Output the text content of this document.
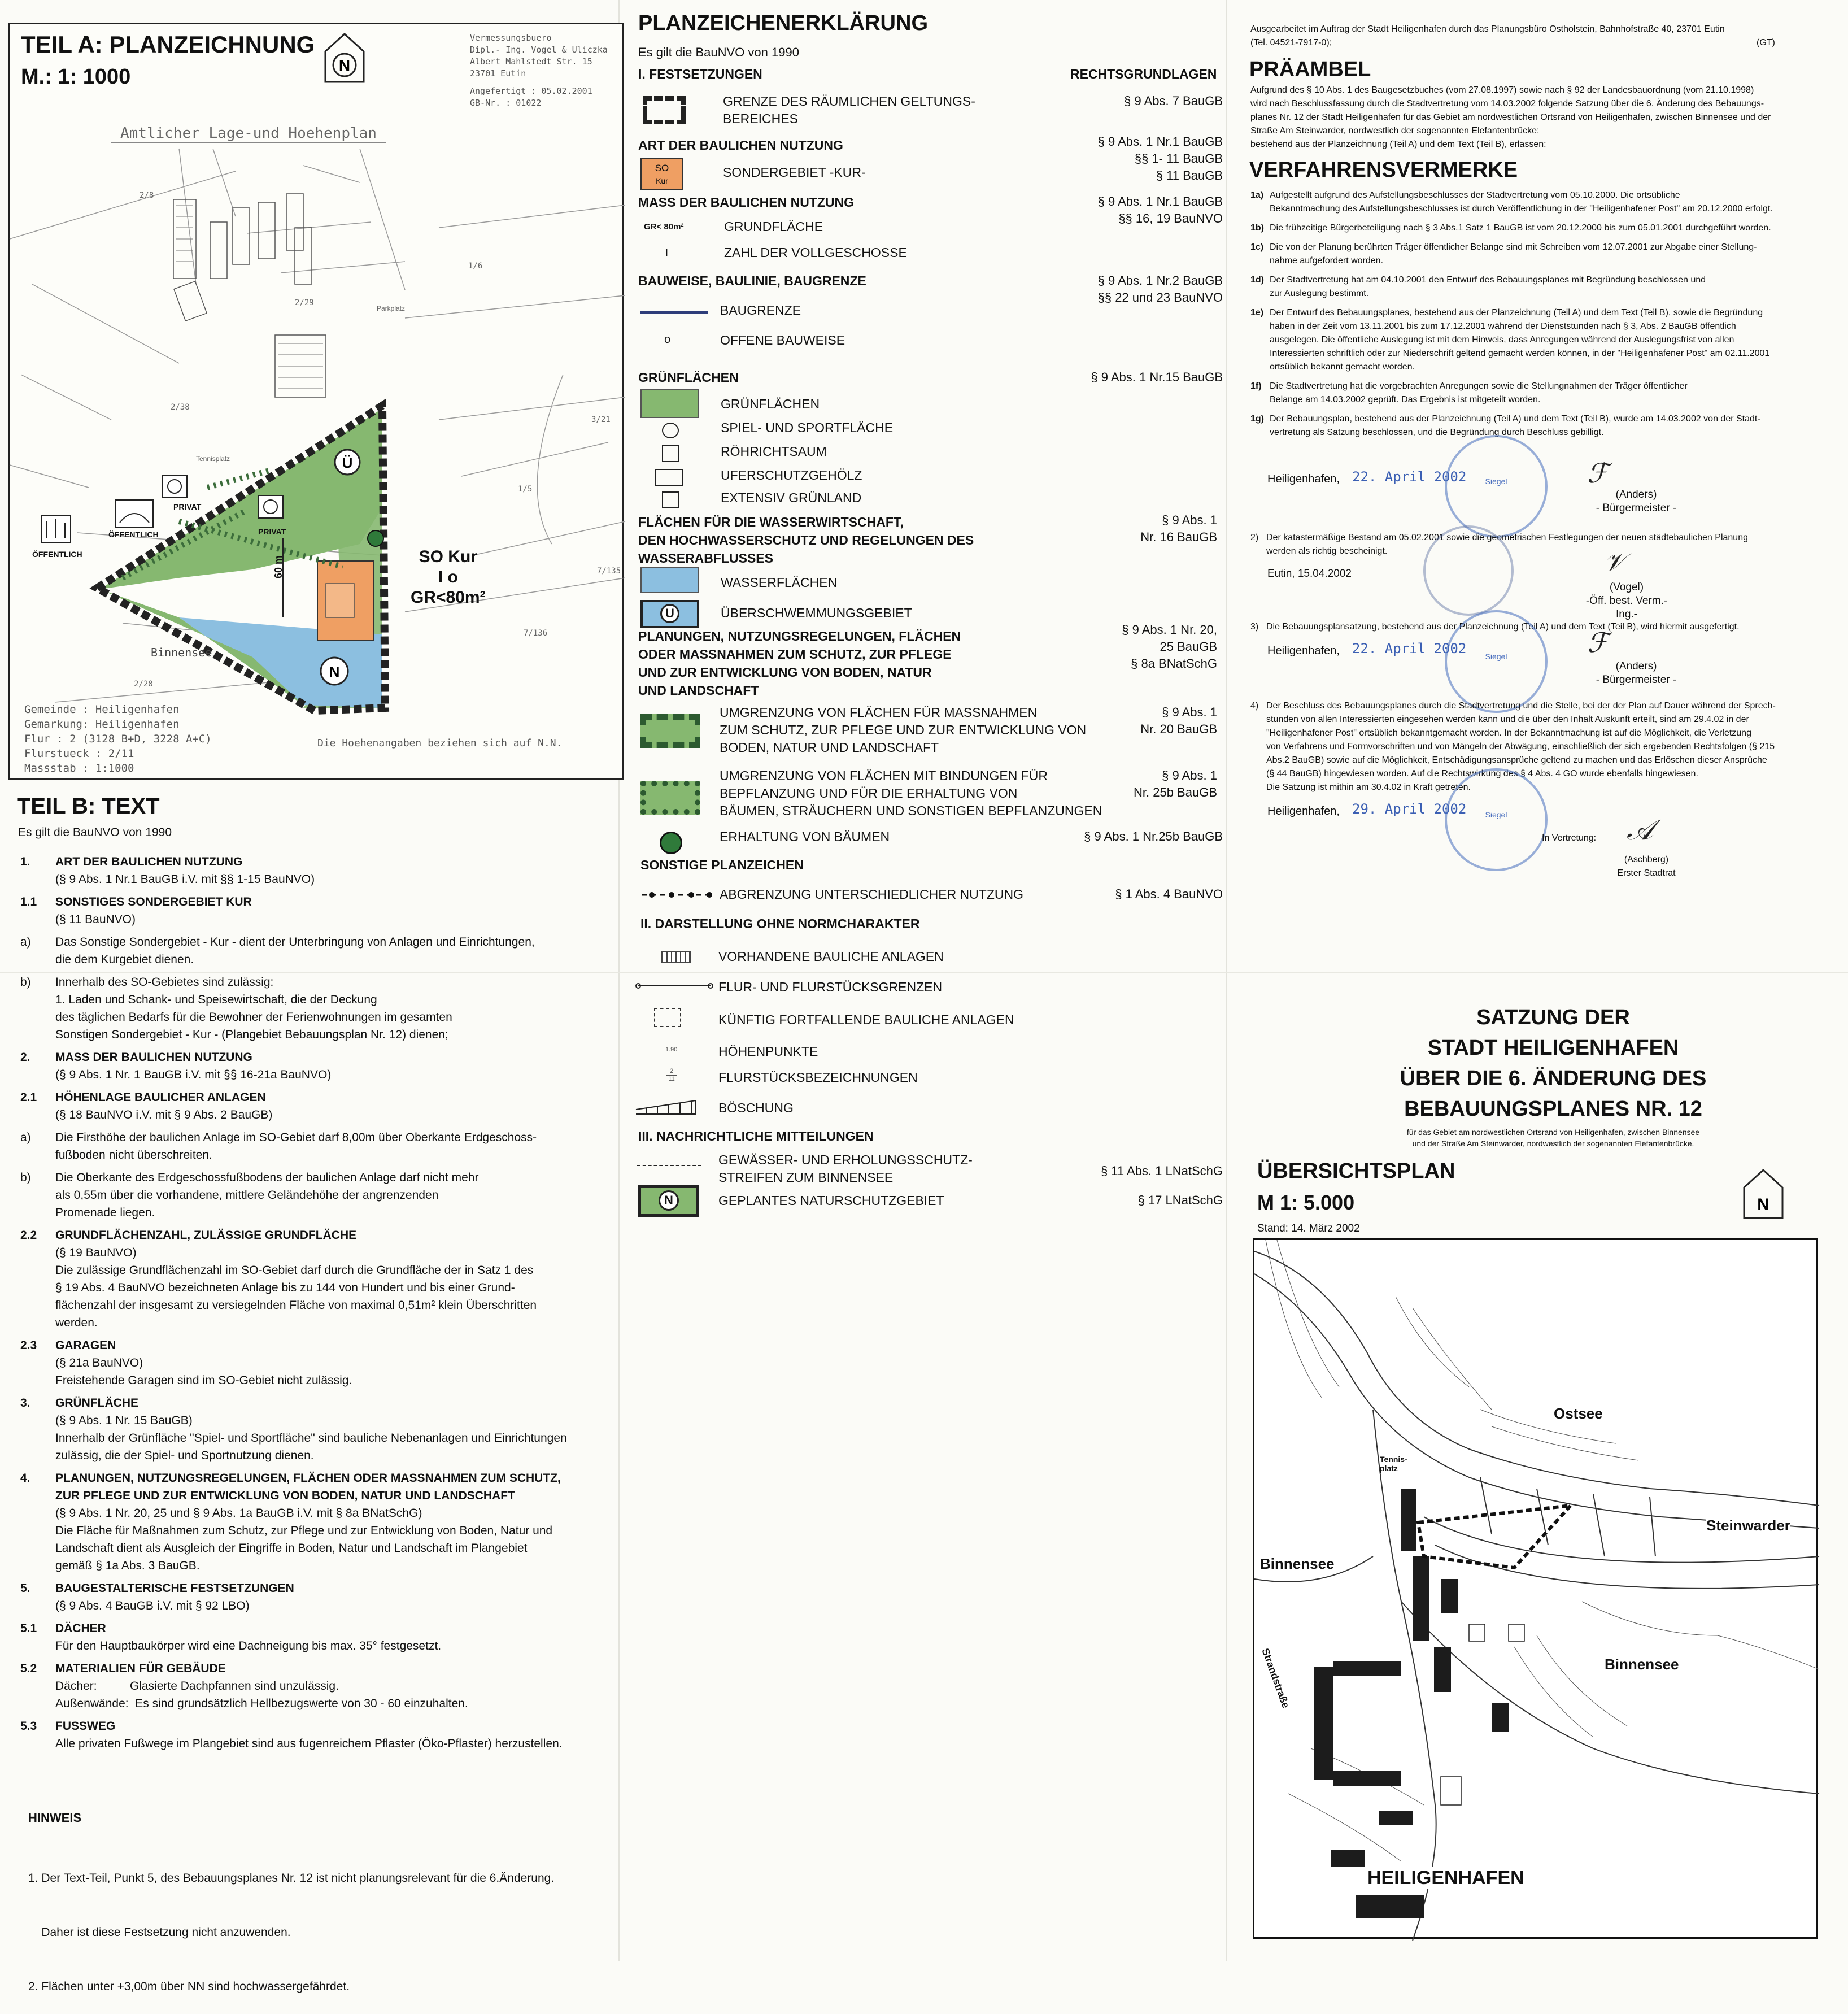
TEIL A: PLANZEICHNUNG
M.: 1: 1000	N
Vermessungsbuero
Dipl.- Ing. Vogel & Uliczka
Albert Mahlstedt Str. 15
23701 Eutin
Angefertigt : 05.02.2001
GB-Nr. : 01022
Amtlicher Lage-und Hoehenplan
Ü
N
PRIVAT
PRIVAT
ÖFFENTLICH
ÖFFENTLICH
Tennisplatz
60 m	SO Kur
I o
GR<80m²
Binnensee
Parkplatz
2/8
2/29
1/6
2/38
3/21
1/5
7/135
7/136
2/28
Gemeinde : Heiligenhafen
Gemarkung: Heiligenhafen
Flur : 2 (3128 B+D, 3228 A+C)
Flurstueck : 2/11
Massstab : 1:1000
Die Hoehenangaben beziehen sich auf N.N.
TEIL B: TEXT
Es gilt die BauNVO von 1990
1.	ART DER BAULICHEN NUTZUNG
(§ 9 Abs. 1 Nr.1 BauGB i.V. mit §§ 1-15 BauNVO)
1.1	SONSTIGES SONDERGEBIET KUR
(§ 11 BauNVO)
a)	Das Sonstige Sondergebiet - Kur - dient der Unterbringung von Anlagen und Einrichtungen,
die dem Kurgebiet dienen.
b)	Innerhalb des SO-Gebietes sind zulässig:
1. Laden und Schank- und Speisewirtschaft, die der Deckung
des täglichen Bedarfs für die Bewohner der Ferienwohnungen im gesamten
Sonstigen Sondergebiet - Kur - (Plangebiet Bebauungsplan Nr. 12) dienen;
2.	MASS DER BAULICHEN NUTZUNG
(§ 9 Abs. 1 Nr. 1 BauGB i.V. mit §§ 16-21a BauNVO)
2.1	HÖHENLAGE BAULICHER ANLAGEN
(§ 18 BauNVO i.V. mit § 9 Abs. 2 BauGB)
a)	Die Firsthöhe der baulichen Anlage im SO-Gebiet darf 8,00m über Oberkante Erdgeschoss-
fußboden nicht überschreiten.
b)	Die Oberkante des Erdgeschossfußbodens der baulichen Anlage darf nicht mehr
als 0,55m über die vorhandene, mittlere Geländehöhe der angrenzenden
Promenade liegen.
2.2	GRUNDFLÄCHENZAHL, ZULÄSSIGE GRUNDFLÄCHE
(§ 19 BauNVO)
Die zulässige Grundflächenzahl im SO-Gebiet darf durch die Grundfläche der in Satz 1 des
§ 19 Abs. 4 BauNVO bezeichneten Anlage bis zu 144 von Hundert und bis einer Grund-
flächenzahl der insgesamt zu versiegelnden Fläche von maximal 0,51m² klein Überschritten
werden.
2.3	GARAGEN
(§ 21a BauNVO)
Freistehende Garagen sind im SO-Gebiet nicht zulässig.
3.	GRÜNFLÄCHE
(§ 9 Abs. 1 Nr. 15 BauGB)
Innerhalb der Grünfläche "Spiel- und Sportfläche" sind bauliche Nebenanlagen und Einrichtungen
zulässig, die der Spiel- und Sportnutzung dienen.
4.	PLANUNGEN, NUTZUNGSREGELUNGEN, FLÄCHEN ODER MASSNAHMEN ZUM SCHUTZ,
ZUR PFLEGE UND ZUR ENTWICKLUNG VON BODEN, NATUR UND LANDSCHAFT
(§ 9 Abs. 1 Nr. 20, 25 und § 9 Abs. 1a BauGB i.V. mit § 8a BNatSchG)
Die Fläche für Maßnahmen zum Schutz, zur Pflege und zur Entwicklung von Boden, Natur und
Landschaft dient als Ausgleich der Eingriffe in Boden, Natur und Landschaft im Plangebiet
gemäß § 1a Abs. 3 BauGB.
5.	BAUGESTALTERISCHE FESTSETZUNGEN
(§ 9 Abs. 4 BauGB i.V. mit § 92 LBO)
5.1	DÄCHER
Für den Hauptbaukörper wird eine Dachneigung bis max. 35° festgesetzt.
5.2	MATERIALIEN FÜR GEBÄUDE
Dächer:          Glasierte Dachpfannen sind unzulässig.
Außenwände:  Es sind grundsätzlich Hellbezugswerte von 30 - 60 einzuhalten.
5.3	FUSSWEG
Alle privaten Fußwege im Plangebiet sind aus fugenreichem Pflaster (Öko-Pflaster) herzustellen.
HINWEIS

1. Der Text-Teil, Punkt 5, des Bebauungsplanes Nr. 12 ist nicht planungsrelevant für die 6.Änderung.

Daher ist diese Festsetzung nicht anzuwenden.

2. Flächen unter +3,00m über NN sind hochwassergefährdet.

PLANZEICHENERKLÄRUNG
Es gilt die BauNVO von 1990
I. FESTSETZUNGEN	RECHTSGRUNDLAGEN
GRENZE DES RÄUMLICHEN GELTUNGS-
BEREICHES
§ 9 Abs. 7 BauGB
ART DER BAULICHEN NUTZUNG	§ 9 Abs. 1 Nr.1 BauGB
§§ 1- 11 BauGB
§ 11 BauGB
SO
Kur
SONDERGEBIET -KUR-
MASS DER BAULICHEN NUTZUNG	§ 9 Abs. 1 Nr.1 BauGB
§§ 16, 19 BauNVO
GR< 80m²	GRUNDFLÄCHE
I	ZAHL DER VOLLGESCHOSSE
BAUWEISE, BAULINIE, BAUGRENZE	§ 9 Abs. 1 Nr.2 BauGB
§§ 22 und 23 BauNVO
BAUGRENZE
o	OFFENE BAUWEISE
GRÜNFLÄCHEN	§ 9 Abs. 1 Nr.15 BauGB
GRÜNFLÄCHEN
SPIEL- UND SPORTFLÄCHE
RÖHRICHTSAUM
UFERSCHUTZGEHÖLZ
EXTENSIV GRÜNLAND
FLÄCHEN FÜR DIE WASSERWIRTSCHAFT,
DEN HOCHWASSERSCHUTZ UND REGELUNGEN DES
WASSERABFLUSSES
§ 9 Abs. 1
Nr. 16 BauGB
WASSERFLÄCHEN
U	ÜBERSCHWEMMUNGSGEBIET
PLANUNGEN, NUTZUNGSREGELUNGEN, FLÄCHEN
ODER MASSNAHMEN ZUM SCHUTZ, ZUR PFLEGE
UND ZUR ENTWICKLUNG VON BODEN, NATUR
UND LANDSCHAFT
§ 9 Abs. 1 Nr. 20,
25 BauGB
§ 8a BNatSchG
UMGRENZUNG VON FLÄCHEN FÜR MASSNAHMEN
ZUM SCHUTZ, ZUR PFLEGE UND ZUR ENTWICKLUNG VON
BODEN, NATUR UND LANDSCHAFT
§ 9 Abs. 1
Nr. 20 BauGB
UMGRENZUNG VON FLÄCHEN MIT BINDUNGEN FÜR
BEPFLANZUNG UND FÜR DIE ERHALTUNG VON
BÄUMEN, STRÄUCHERN UND SONSTIGEN BEPFLANZUNGEN
§ 9 Abs. 1
Nr. 25b BauGB
ERHALTUNG VON BÄUMEN	§ 9 Abs. 1 Nr.25b BauGB
SONSTIGE PLANZEICHEN
ABGRENZUNG UNTERSCHIEDLICHER NUTZUNG	§ 1 Abs. 4 BauNVO
II. DARSTELLUNG OHNE NORMCHARAKTER
VORHANDENE BAULICHE ANLAGEN
FLUR- UND FLURSTÜCKSGRENZEN
KÜNFTIG FORTFALLENDE BAULICHE ANLAGEN
1.90	HÖHENPUNKTE
2
11	FLURSTÜCKSBEZEICHNUNGEN
BÖSCHUNG
III. NACHRICHTLICHE MITTEILUNGEN
GEWÄSSER- UND ERHOLUNGSSCHUTZ-
STREIFEN ZUM BINNENSEE	§ 11 Abs. 1 LNatSchG
N	GEPLANTES NATURSCHUTZGEBIET	§ 17 LNatSchG
Ausgearbeitet im Auftrag der Stadt Heiligenhafen durch das Planungsbüro Ostholstein, Bahnhofstraße 40, 23701 Eutin
(Tel. 04521-7917-0);	(GT)
PRÄAMBEL
Aufgrund des § 10 Abs. 1 des Baugesetzbuches (vom 27.08.1997) sowie nach § 92 der Landesbauordnung (vom 21.10.1998)
wird nach Beschlussfassung durch die Stadtvertretung vom 14.03.2002 folgende Satzung über die 6. Änderung des Bebauungs-
planes Nr. 12 der Stadt Heiligenhafen für das Gebiet am nordwestlichen Ortsrand von Heiligenhafen, zwischen Binnensee und der
Straße Am Steinwarder, nordwestlich der sogenannten Elefantenbrücke;
bestehend aus der Planzeichnung (Teil A) und dem Text (Teil B), erlassen:
VERFAHRENSVERMERKE
1a) Aufgestellt aufgrund des Aufstellungsbeschlusses der Stadtvertretung vom 05.10.2000. Die ortsübliche
Bekanntmachung des Aufstellungsbeschlusses ist durch Veröffentlichung in der "Heiligenhafener Post" am 20.12.2000 erfolgt.
1b) Die frühzeitige Bürgerbeteiligung nach § 3 Abs.1 Satz 1 BauGB ist vom 20.12.2000 bis zum 05.01.2001 durchgeführt worden.
1c) Die von der Planung berührten Träger öffentlicher Belange sind mit Schreiben vom 12.07.2001 zur Abgabe einer Stellung-
nahme aufgefordert worden.
1d) Der Stadtvertretung hat am 04.10.2001 den Entwurf des Bebauungsplanes mit Begründung beschlossen und
zur Auslegung bestimmt.
1e) Der Entwurf des Bebauungsplanes, bestehend aus der Planzeichnung (Teil A) und dem Text (Teil B), sowie die Begründung
haben in der Zeit vom 13.11.2001 bis zum 17.12.2001 während der Dienststunden nach § 3, Abs. 2 BauGB öffentlich
ausgelegen. Die öffentliche Auslegung ist mit dem Hinweis, dass Anregungen während der Auslegungsfrist von allen
Interessierten schriftlich oder zur Niederschrift geltend gemacht werden können, in der "Heiligenhafener Post" am 02.11.2001
ortsüblich bekannt gemacht worden.
1f) Die Stadtvertretung hat die vorgebrachten Anregungen sowie die Stellungnahmen der Träger öffentlicher
Belange am 14.03.2002 geprüft. Das Ergebnis ist mitgeteilt worden.
1g) Der Bebauungsplan, bestehend aus der Planzeichnung (Teil A) und dem Text (Teil B), wurde am 14.03.2002 von der Stadt-
vertretung als Satzung beschlossen, und die Begründung durch Beschluss gebilligt.
Heiligenhafen, 22. April 2002	Siegel	ℱ
(Anders)
- Bürgermeister -
2) Der katastermäßige Bestand am 05.02.2001 sowie die geometrischen Festlegungen der neuen städtebaulichen Planung
werden als richtig bescheinigt.
Eutin, 15.04.2002	𝒱
(Vogel)
-Öff. best. Verm.-Ing.-
3) Die Bebauungsplansatzung, bestehend aus der Planzeichnung (Teil A) und dem Text (Teil B), wird hiermit ausgefertigt.
Heiligenhafen, 22. April 2002	Siegel	ℱ
(Anders)
- Bürgermeister -
4) Der Beschluss des Bebauungsplanes durch die Stadtvertretung und die Stelle, bei der der Plan auf Dauer während der Sprech-
stunden von allen Interessierten eingesehen werden kann und die über den Inhalt Auskunft erteilt, sind am 29.4.02 in der
"Heiligenhafener Post" ortsüblich bekanntgemacht worden. In der Bekanntmachung ist auf die Möglichkeit, die Verletzung
von Verfahrens und Formvorschriften und von Mängeln der Abwägung, einschließlich der sich ergebenden Rechtsfolgen (§ 215
Abs.2 BauGB) sowie auf die Möglichkeit, Entschädigungsansprüche geltend zu machen und das Erlöschen dieser Ansprüche
(§ 44 BauGB) hingewiesen worden. Auf die Rechtswirkung des § 4 Abs. 4 GO wurde ebenfalls hingewiesen.
Die Satzung ist mithin am 30.4.02 in Kraft getreten.
Heiligenhafen, 29. April 2002	Siegel
In Vertretung: 𝒜
(Aschberg)
Erster Stadtrat
SATZUNG DER
STADT HEILIGENHAFEN
ÜBER DIE 6. ÄNDERUNG DES
BEBAUUNGSPLANES NR. 12
für das Gebiet am nordwestlichen Ortsrand von Heiligenhafen, zwischen Binnensee
und der Straße Am Steinwarder, nordwestlich der sogenannten Elefantenbrücke.
ÜBERSICHTSPLAN
M 1: 5.000
Stand: 14. März 2002
N
Ostsee
Steinwarder
Binnensee
Binnensee
HEILIGENHAFEN
Tennis-platz
Strandstraße
